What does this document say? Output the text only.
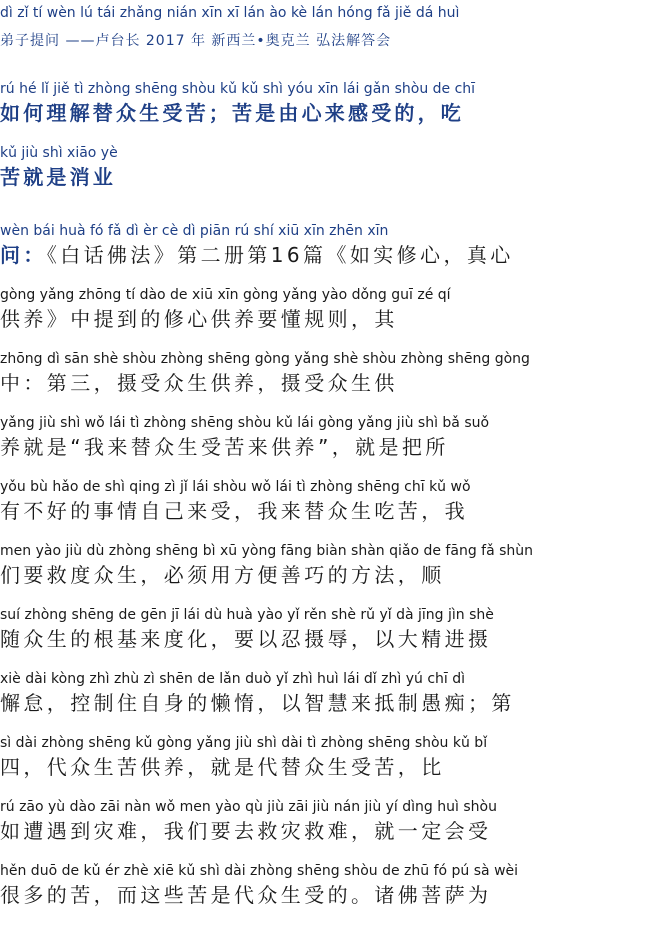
dì zǐ tí wèn lú tái zhǎng nián xīn xī lán ào kè lán hóng fǎ jiě dá huì
弟子提问 ——卢台长 2017 年 新西兰•奥克兰 弘法解答会
rú hé lǐ jiě tì zhòng shēng shòu kǔ kǔ shì yóu xīn lái gǎn shòu de chī
如何理解替众生受苦；苦是由心来感受的，吃
kǔ jiù shì xiāo yè
苦就是消业
wèn bái huà fó fǎ dì èr cè dì piān rú shí xiū xīn zhēn xīn
问：《白话佛法》第二册第16篇《如实修心，真心
gòng yǎng zhōng tí dào de xiū xīn gòng yǎng yào dǒng guī zé qí
供养》中提到的修心供养要懂规则，其
zhōng dì sān shè shòu zhòng shēng gòng yǎng shè shòu zhòng shēng gòng
中：第三，摄受众生供养，摄受众生供
yǎng jiù shì wǒ lái tì zhòng shēng shòu kǔ lái gòng yǎng jiù shì bǎ suǒ
养就是“我来替众生受苦来供养”，就是把所
yǒu bù hǎo de shì qing zì jǐ lái shòu wǒ lái tì zhòng shēng chī kǔ wǒ
有不好的事情自己来受，我来替众生吃苦，我
men yào jiù dù zhòng shēng bì xū yòng fāng biàn shàn qiǎo de fāng fǎ shùn
们要救度众生，必须用方便善巧的方法，顺
suí zhòng shēng de gēn jī lái dù huà yào yǐ rěn shè rǔ yǐ dà jīng jìn shè
随众生的根基来度化，要以忍摄辱，以大精进摄
xiè dài kòng zhì zhù zì shēn de lǎn duò yǐ zhì huì lái dǐ zhì yú chī dì
懈怠，控制住自身的懒惰，以智慧来抵制愚痴；第
sì dài zhòng shēng kǔ gòng yǎng jiù shì dài tì zhòng shēng shòu kǔ bǐ
四，代众生苦供养，就是代替众生受苦，比
rú zāo yù dào zāi nàn wǒ men yào qù jiù zāi jiù nán jiù yí dìng huì shòu
如遭遇到灾难，我们要去救灾救难，就一定会受
hěn duō de kǔ ér zhè xiē kǔ shì dài zhòng shēng shòu de zhū fó pú sà wèi
很多的苦，而这些苦是代众生受的。诸佛菩萨为
